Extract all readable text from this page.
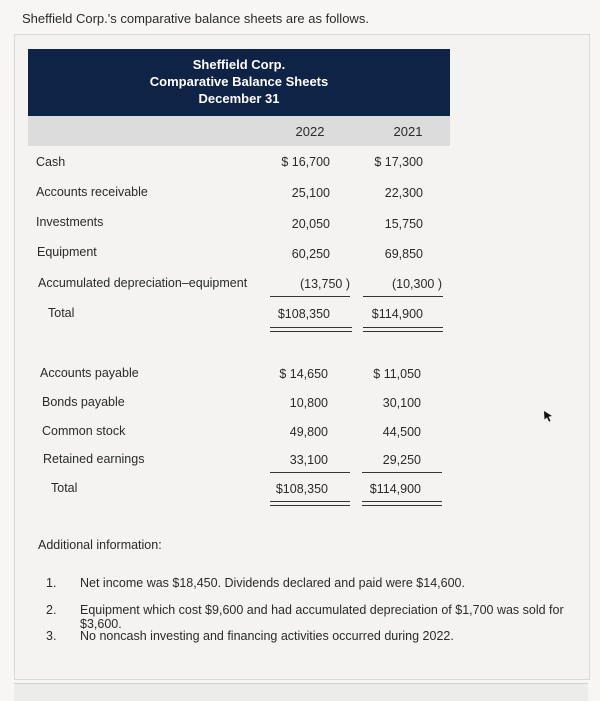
Sheffield Corp.'s comparative balance sheets are as follows.
Sheffield Corp.
Comparative Balance Sheets
December 31
2022	2021
Cash	$ 16,700	$ 17,300
Accounts receivable	25,100	22,300
Investments	20,050	15,750
Equipment	60,250	69,850
Accumulated depreciation–equipment	(13,750 )	(10,300 )
Total	$108,350	$114,900
Accounts payable	$ 14,650	$ 11,050
Bonds payable	10,800	30,100
Common stock	49,800	44,500
Retained earnings	33,100	29,250
Total	$108,350	$114,900
Additional information:
1. Net income was $18,450. Dividends declared and paid were $14,600.
2. Equipment which cost $9,600 and had accumulated depreciation of $1,700 was sold for $3,600.
3. No noncash investing and financing activities occurred during 2022.
